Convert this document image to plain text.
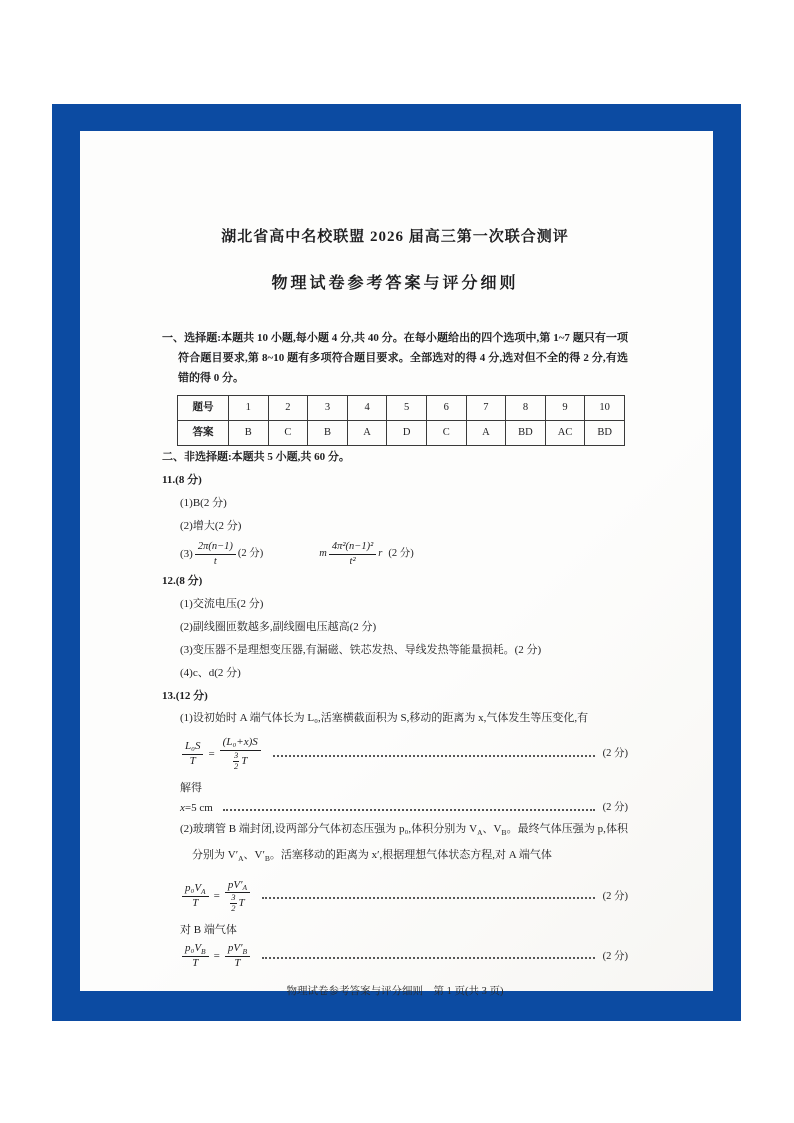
湖北省高中名校联盟 2026 届高三第一次联合测评
物理试卷参考答案与评分细则

一、选择题:本题共 10 小题,每小题 4 分,共 40 分。在每小题给出的四个选项中,第 1~7 题只有一项符合题目要求,第 8~10 题有多项符合题目要求。全部选对的得 4 分,选对但不全的得 2 分,有选错的得 0 分。

题号	1	2	3	4	5	6	7	8	9	10
答案	B	C	B	A	D	C	A	BD	AC	BD

二、非选择题:本题共 5 小题,共 60 分。

11.(8 分)

(1)B(2 分)

(2)增大(2 分)

$(3) \frac{2\pi(n-1)}{t} (2$ 分)	m $\frac{\text{4π²(n−1)²}}{\text{t²}}$ r (2 分)

12.(8 分)

(1)交流电压(2 分)

(2)副线圈匝数越多,副线圈电压越高(2 分)

(3)变压器不是理想变压器,有漏磁、铁芯发热、导线发热等能量损耗。(2 分)

(4)c、d(2 分)

13.(12 分)

(1)设初始时 A 端气体长为 L₀,活塞横截面积为 S,移动的距离为 x,气体发生等压变化,有

$\frac{\text{L₀S}}{T} = (L_0+x)S$
3
2 T	(2 分)

解得

x =5 cm	(2 分)

(2)玻璃管 B 端封闭,设两部分气体初态压强为 p₀,体积分别为 $V_A$、$V_B$。最终气体压强为 p,体积分别为 $V'_A$、$V'_B$。活塞移动的距离为 x′,根据理想气体状态方程,对 A 端气体

$\frac{\text{p₀V A}}{T} = pV'$ A
3
2 T	(2 分)

对 B 端气体

$\frac{\text{p₀V B}}{T} = \frac{pV' B}{T}$	(2 分)
物理试卷参考答案与评分细则　第 1 页(共 3 页)
